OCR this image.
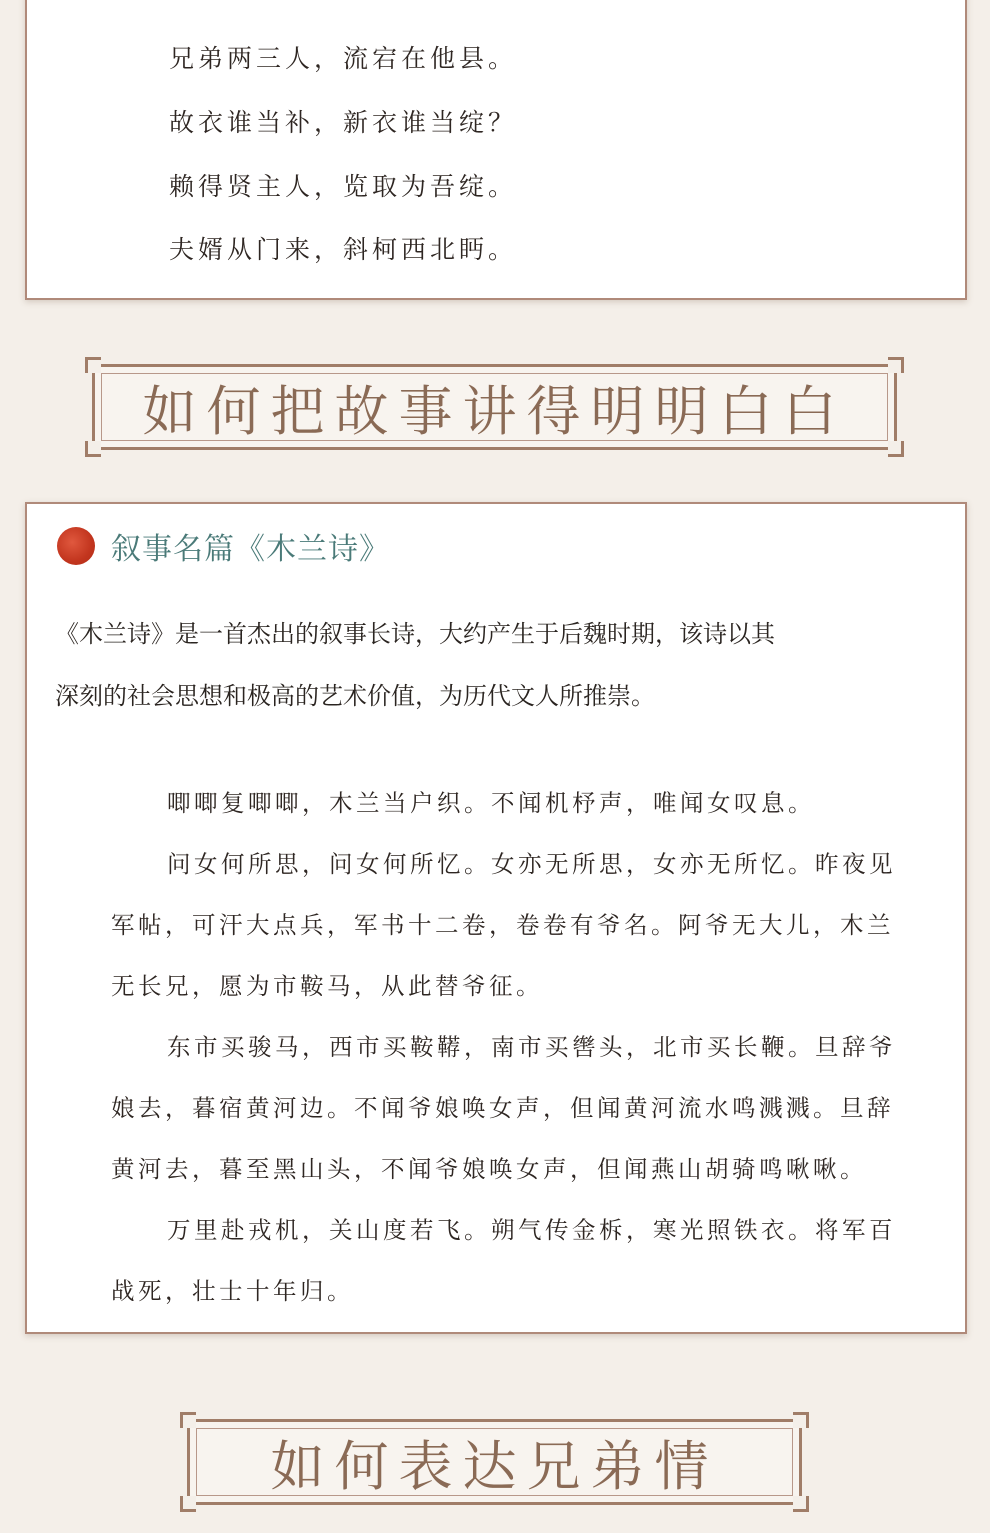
兄弟两三人，流宕在他县。
故衣谁当补，新衣谁当绽？
赖得贤主人，览取为吾绽。
夫婿从门来，斜柯西北眄。
如何把故事讲得明明白白
叙事名篇《木兰诗》
《木兰诗》是一首杰出的叙事长诗，大约产生于后魏时期，该诗以其
深刻的社会思想和极高的艺术价值，为历代文人所推崇。
唧唧复唧唧，木兰当户织。不闻机杼声，唯闻女叹息。
问女何所思，问女何所忆。女亦无所思，女亦无所忆。昨夜见
军帖，可汗大点兵，军书十二卷，卷卷有爷名。阿爷无大儿，木兰
无长兄，愿为市鞍马，从此替爷征。
东市买骏马，西市买鞍鞯，南市买辔头，北市买长鞭。旦辞爷
娘去，暮宿黄河边。不闻爷娘唤女声，但闻黄河流水鸣溅溅。旦辞
黄河去，暮至黑山头，不闻爷娘唤女声，但闻燕山胡骑鸣啾啾。
万里赴戎机，关山度若飞。朔气传金柝，寒光照铁衣。将军百
战死，壮士十年归。
如何表达兄弟情
